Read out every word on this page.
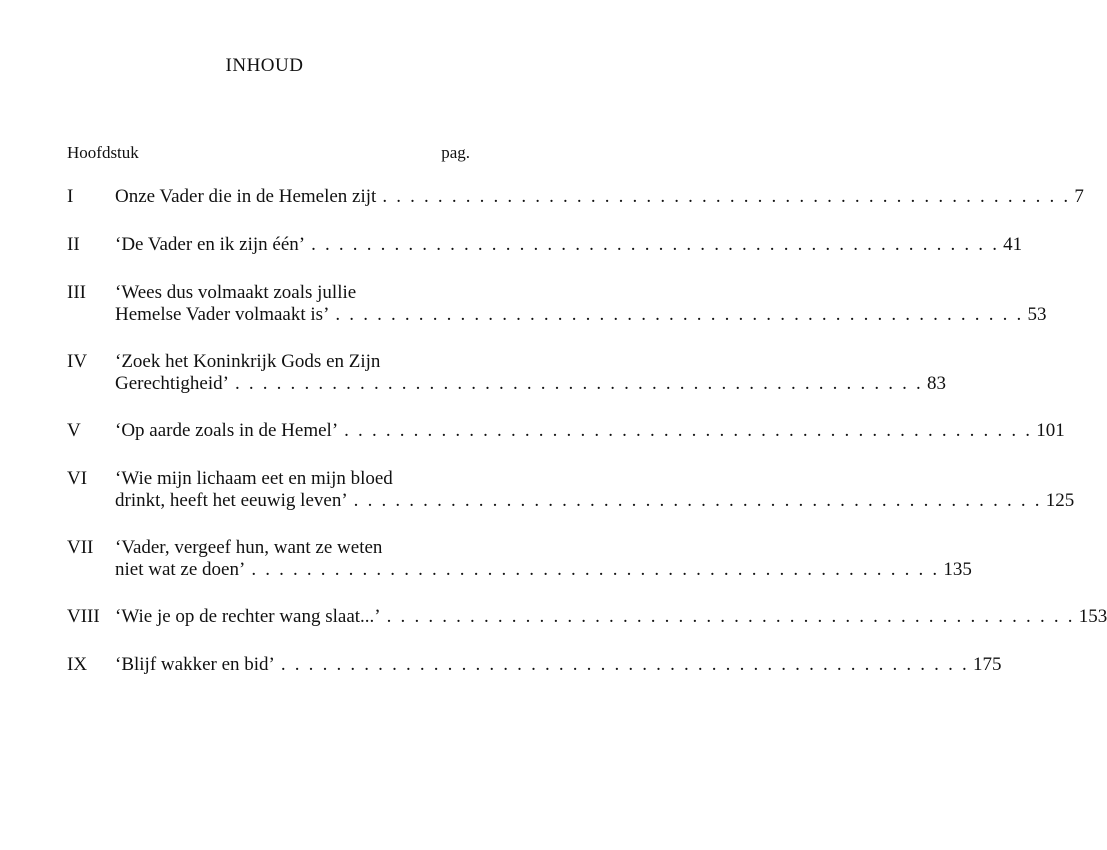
INHOUD
Hoofdstuk	pag.
I Onze Vader die in de Hemelen zijt . . . . . . . . . . . . . . . . . . . . . . . . . . . . . . . . . . . . . . . . . . . . . . . . . . 7
II ‘De Vader en ik zijn één’ . . . . . . . . . . . . . . . . . . . . . . . . . . . . . . . . . . . . . . . . . . . . . . . . . . 41
III ‘Wees dus volmaakt zoals jullie
Hemelse Vader volmaakt is’ . . . . . . . . . . . . . . . . . . . . . . . . . . . . . . . . . . . . . . . . . . . . . . . . . . 53
IV ‘Zoek het Koninkrijk Gods en Zijn
Gerechtigheid’ . . . . . . . . . . . . . . . . . . . . . . . . . . . . . . . . . . . . . . . . . . . . . . . . . . 83
V ‘Op aarde zoals in de Hemel’ . . . . . . . . . . . . . . . . . . . . . . . . . . . . . . . . . . . . . . . . . . . . . . . . . . 101
VI ‘Wie mijn lichaam eet en mijn bloed
drinkt, heeft het eeuwig leven’ . . . . . . . . . . . . . . . . . . . . . . . . . . . . . . . . . . . . . . . . . . . . . . . . . . 125
VII ‘Vader, vergeef hun, want ze weten
niet wat ze doen’ . . . . . . . . . . . . . . . . . . . . . . . . . . . . . . . . . . . . . . . . . . . . . . . . . . 135
VIII ‘Wie je op de rechter wang slaat...’ . . . . . . . . . . . . . . . . . . . . . . . . . . . . . . . . . . . . . . . . . . . . . . . . . . 153
IX ‘Blijf wakker en bid’ . . . . . . . . . . . . . . . . . . . . . . . . . . . . . . . . . . . . . . . . . . . . . . . . . . 175
